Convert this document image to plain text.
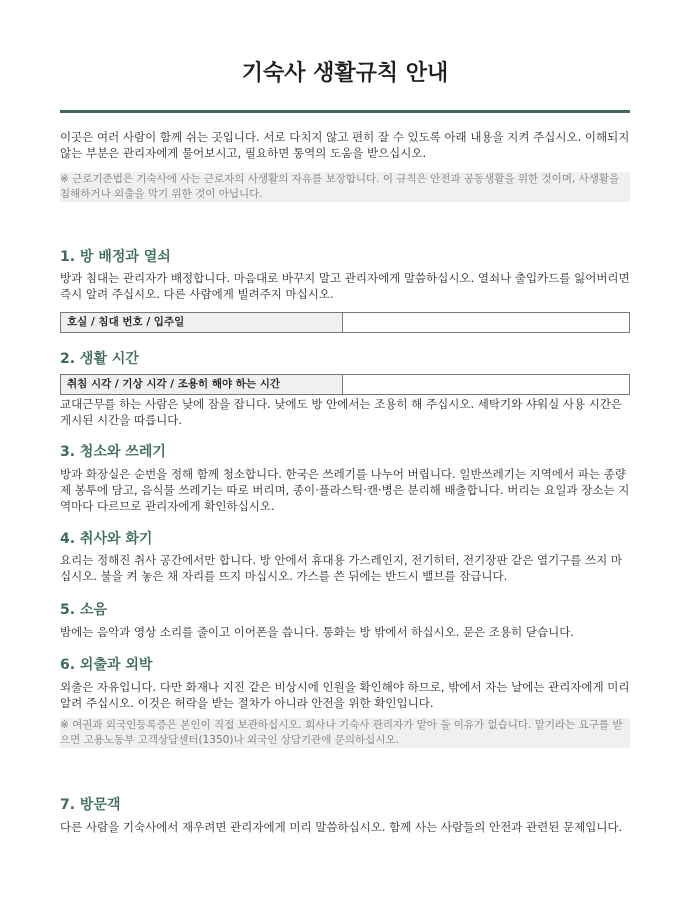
기숙사 생활규칙 안내

이곳은 여러 사람이 함께 쉬는 곳입니다. 서로 다치지 않고 편히 잘 수 있도록 아래 내용을 지켜 주십시오. 이해되지 않는 부분은 관리자에게 물어보시고, 필요하면 통역의 도움을 받으십시오.

※ 근로기준법은 기숙사에 사는 근로자의 사생활의 자유를 보장합니다. 이 규칙은 안전과 공동생활을 위한 것이며, 사생활을 침해하거나 외출을 막기 위한 것이 아닙니다.

1. 방 배정과 열쇠

방과 침대는 관리자가 배정합니다. 마음대로 바꾸지 말고 관리자에게 말씀하십시오. 열쇠나 출입카드를 잃어버리면 즉시 알려 주십시오. 다른 사람에게 빌려주지 마십시오.

호실 / 침대 번호 / 입주일
2. 생활 시간
취침 시각 / 기상 시각 / 조용히 해야 하는 시간

교대근무를 하는 사람은 낮에 잠을 잡니다. 낮에도 방 안에서는 조용히 해 주십시오. 세탁기와 샤워실 사용 시간은 게시된 시간을 따릅니다.

3. 청소와 쓰레기

방과 화장실은 순번을 정해 함께 청소합니다. 한국은 쓰레기를 나누어 버립니다. 일반쓰레기는 지역에서 파는 종량제 봉투에 담고, 음식물 쓰레기는 따로 버리며, 종이·플라스틱·캔·병은 분리해 배출합니다. 버리는 요일과 장소는 지역마다 다르므로 관리자에게 확인하십시오.

4. 취사와 화기

요리는 정해진 취사 공간에서만 합니다. 방 안에서 휴대용 가스레인지, 전기히터, 전기장판 같은 열기구를 쓰지 마십시오. 불을 켜 놓은 채 자리를 뜨지 마십시오. 가스를 쓴 뒤에는 반드시 밸브를 잠급니다.

5. 소음

밤에는 음악과 영상 소리를 줄이고 이어폰을 씁니다. 통화는 방 밖에서 하십시오. 문은 조용히 닫습니다.

6. 외출과 외박

외출은 자유입니다. 다만 화재나 지진 같은 비상시에 인원을 확인해야 하므로, 밖에서 자는 날에는 관리자에게 미리 알려 주십시오. 이것은 허락을 받는 절차가 아니라 안전을 위한 확인입니다.

※ 여권과 외국인등록증은 본인이 직접 보관하십시오. 회사나 기숙사 관리자가 맡아 둘 이유가 없습니다. 맡기라는 요구를 받으면 고용노동부 고객상담센터(1350)나 외국인 상담기관에 문의하십시오.

7. 방문객

다른 사람을 기숙사에서 재우려면 관리자에게 미리 말씀하십시오. 함께 사는 사람들의 안전과 관련된 문제입니다.
